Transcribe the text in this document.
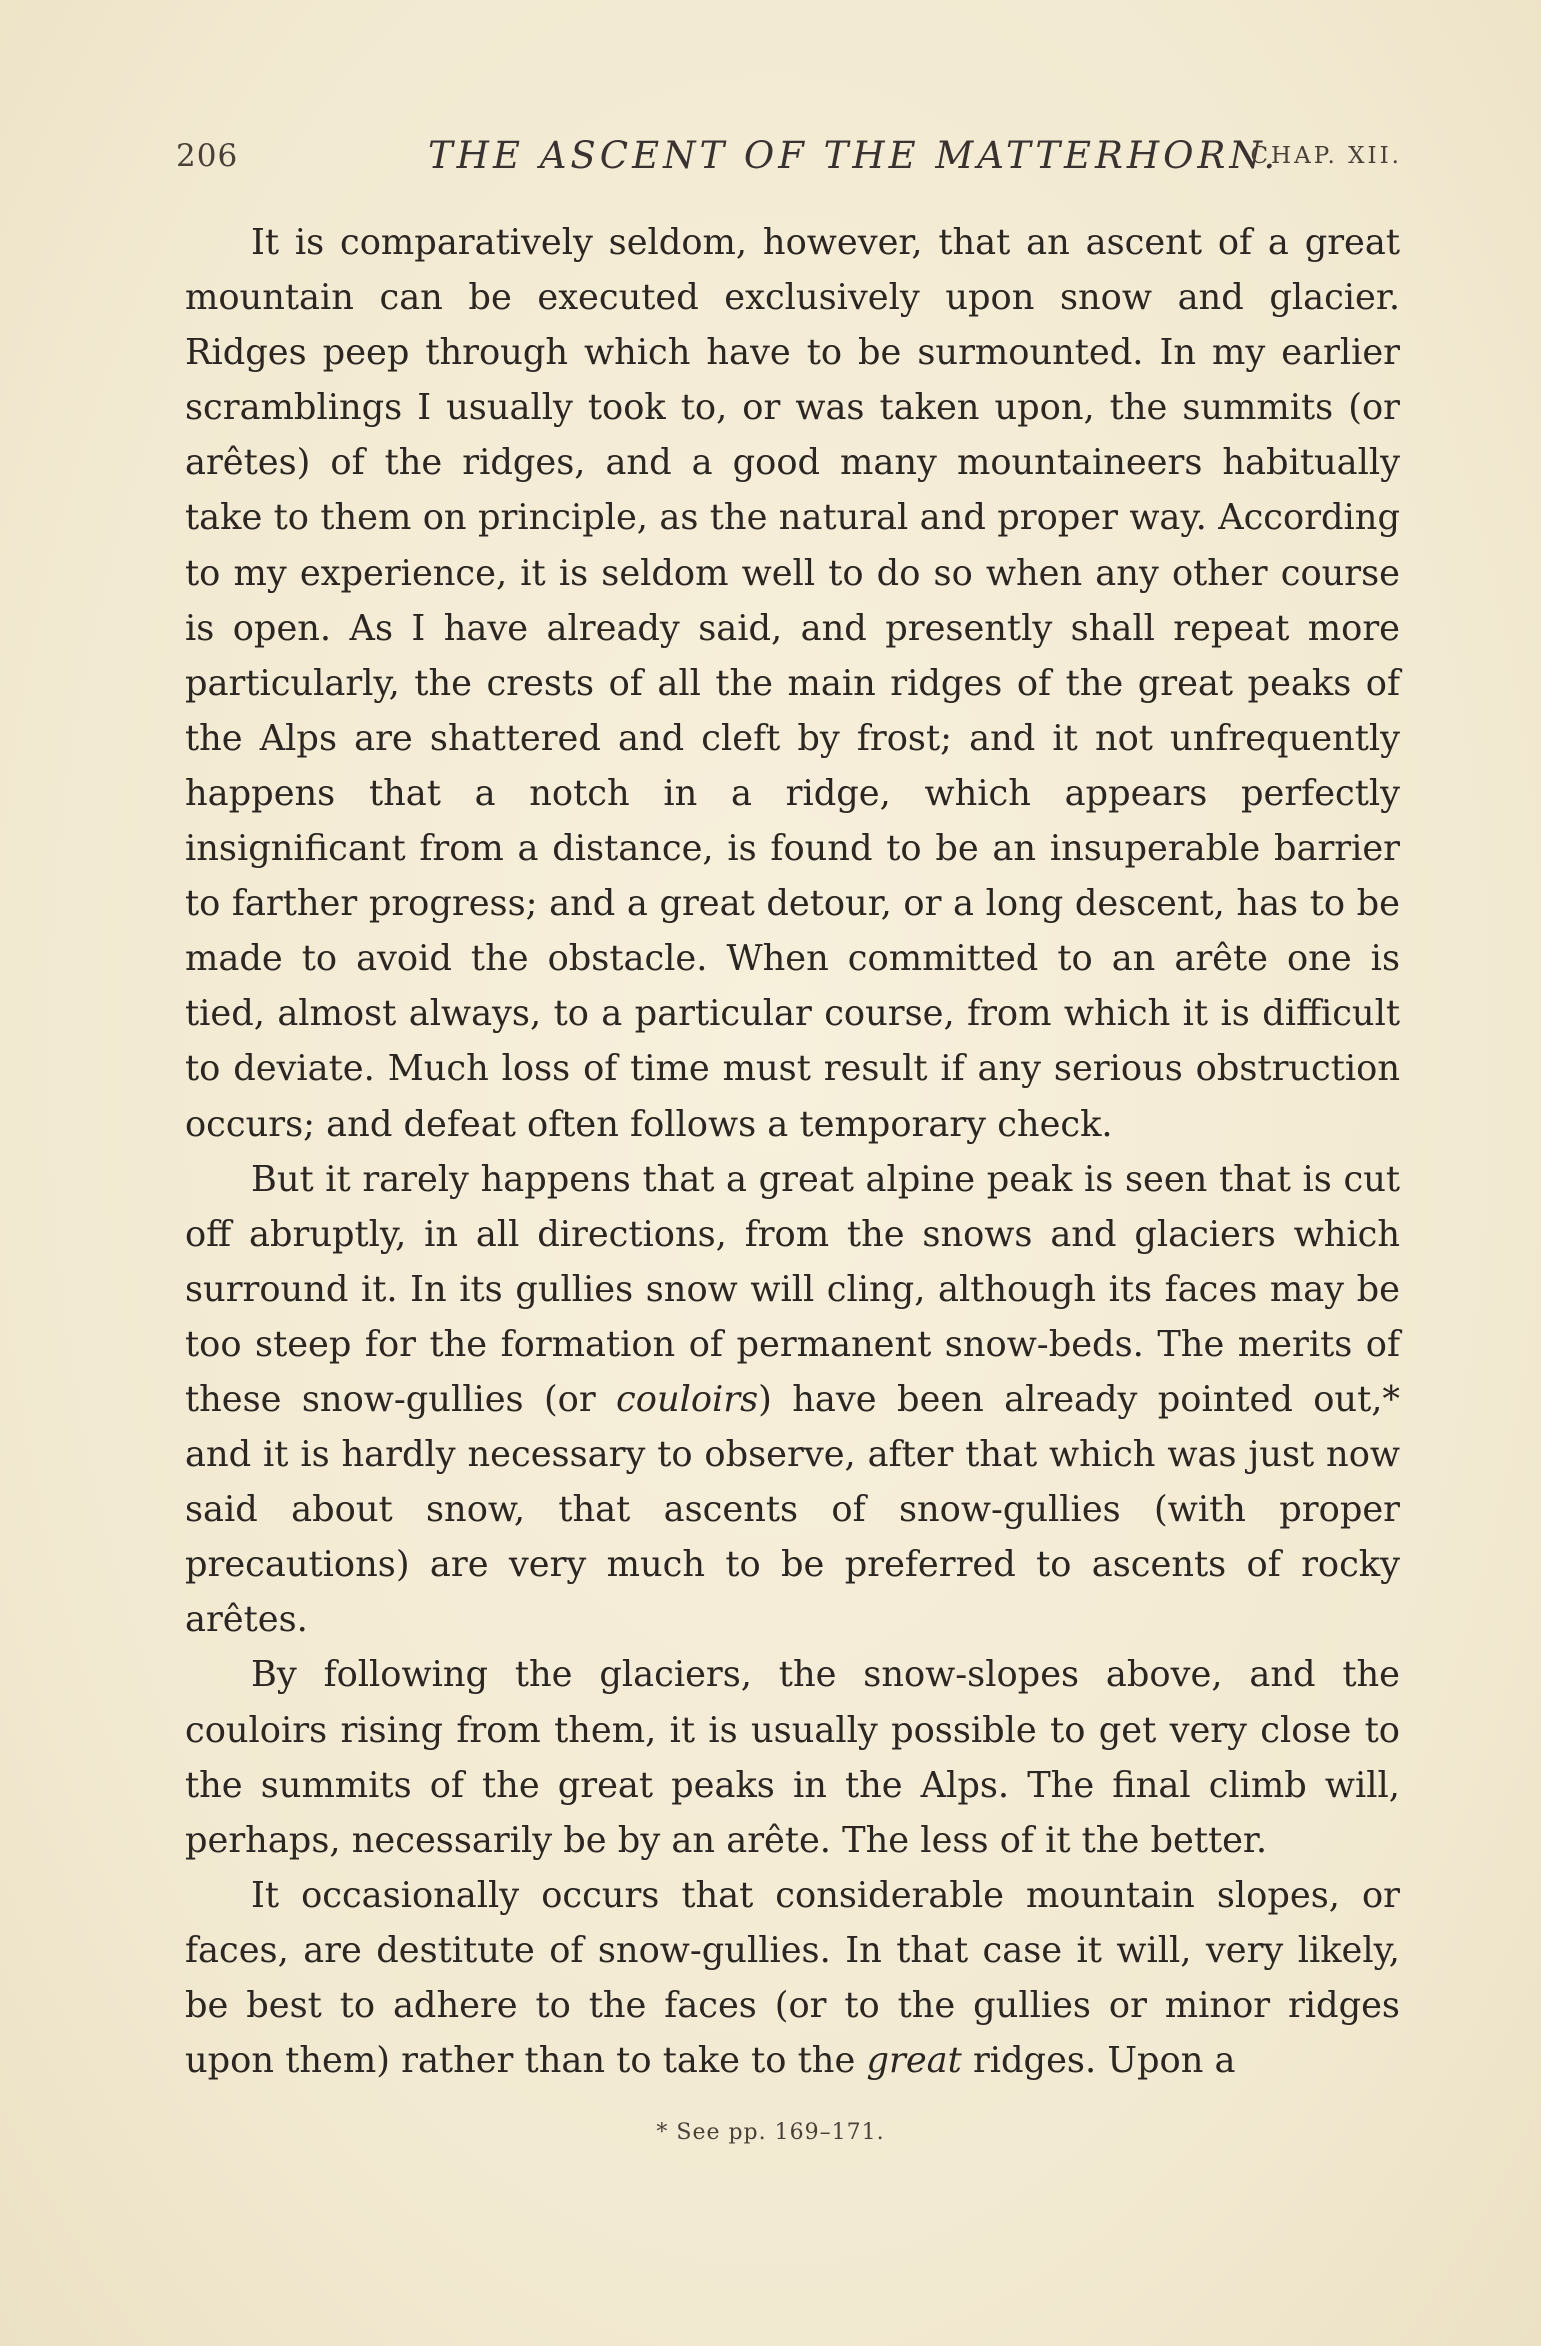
206	THE ASCENT OF THE MATTERHORN.
CHAP. XII.

It is comparatively seldom, however, that an ascent of a great mountain can be executed exclusively upon snow and glacier. Ridges peep through which have to be surmounted. In my earlier scramblings I usually took to, or was taken upon, the summits (or arêtes) of the ridges, and a good many mountaineers habitually take to them on principle, as the natural and proper way. According to my experience, it is seldom well to do so when any other course is open. As I have already said, and presently shall repeat more particularly, the crests of all the main ridges of the great peaks of the Alps are shattered and cleft by frost; and it not unfrequently happens that a notch in a ridge, which appears perfectly insignificant from a distance, is found to be an insuperable barrier to farther progress; and a great detour, or a long descent, has to be made to avoid the obstacle. When committed to an arête one is tied, almost always, to a particular course, from which it is difficult to deviate. Much loss of time must result if any serious obstruction occurs; and defeat often follows a temporary check.

But it rarely happens that a great alpine peak is seen that is cut off abruptly, in all directions, from the snows and glaciers which surround it. In its gullies snow will cling, although its faces may be too steep for the formation of permanent snow-beds. The merits of these snow-gullies (or couloirs) have been already pointed out,* and it is hardly necessary to observe, after that which was just now said about snow, that ascents of snow-gullies (with proper precautions) are very much to be preferred to ascents of rocky arêtes.

By following the glaciers, the snow-slopes above, and the couloirs rising from them, it is usually possible to get very close to the summits of the great peaks in the Alps. The final climb will, perhaps, necessarily be by an arête. The less of it the better.

It occasionally occurs that considerable mountain slopes, or faces, are destitute of snow-gullies. In that case it will, very likely, be best to adhere to the faces (or to the gullies or minor ridges upon them) rather than to take to the great ridges. Upon a

* See pp. 169–171.
